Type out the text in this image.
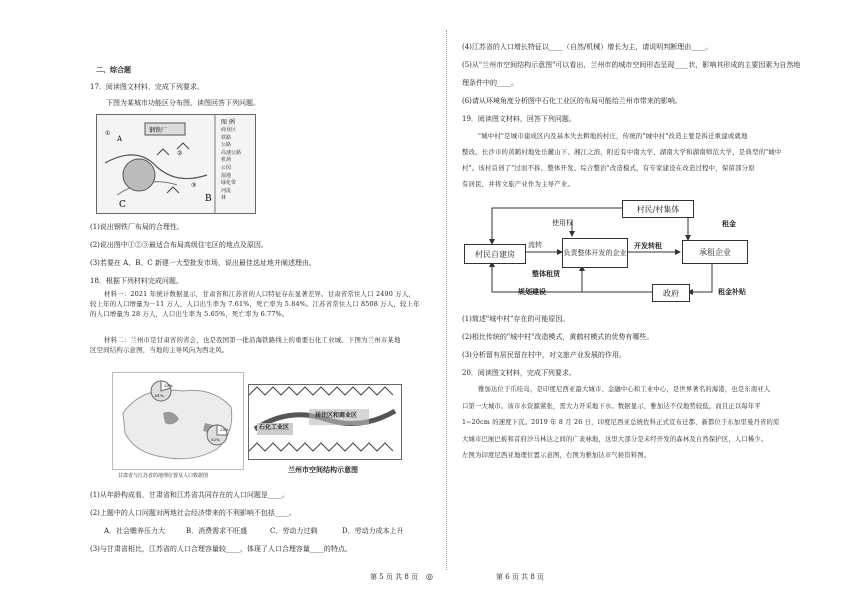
二、综合题
17．阅读图文材料，完成下列要求。
下图为某城市功能区分布图，读图回答下列问题。
钢铁厂
C
B
A
①
②
③
图 例
商业区
铁路
公路
高速公路
机场
公园
湿地
绿化带
河流
林
(1)说出钢铁厂布局的合理性。
(2)说出图中①②③最适合布局高级住宅区的地点及原因。
(3)若要在 A、B、C 新建一大型批发市场，说出最佳选址地并阐述理由。
18．根据下列材料完成问题。
材料一：2021 年统计数据显示，甘肃省和江苏省的人口特征存在显著差异。甘肃省常住人口 2490 万人，
较上年的人口增量为－11 万人，人口出生率为 7.61%，死亡率为 5.84%。江苏省常住人口 8508 万人，较上年
的人口增量为 28 万人，人口出生率为 5.65%，死亡率为 6.77%。
材料二：兰州市是甘肃省的省会，也是我国第一批沿海铁路线上的重要石化工业城。下图为兰州市某地
区空间结构示意图，当地的主导风向为西北风。
20%
61%
25%
52%
甘肃省与江苏省的地理位置及人口数据图
石化工业区
居住区和商业区
兰州市空间结构示意图
(1)从年龄构成看，甘肃省和江苏省共同存在的人口问题是____。
(2)上题中的人口问题对两地社会经济带来的不利影响不包括____。
A．社会赡养压力大	B．消费需求不旺盛	C．劳动力过剩	D．劳动力成本上升
(3)与甘肃省相比，江苏省的人口合理容量较____，体现了人口合理容量____的特点。
第 5 页 共 8 页 ◎
(4)江苏省的人口增长特征以____（自然/机械）增长为主，请说明判断理由____。
(5)从"兰州市空间结构示意图"可以看出，兰州市的城市空间形态呈现____状，影响其形成的主要因素为自然地
理条件中的____。
(6)请从环境角度分析图中石化工业区的布局可能给兰州市带来的影响。
19．阅读图文材料，回答下列问题。
"城中村"是城市建成区内及基本失去耕地的村庄，传统的"城中村"改造主要是拆迁重建或就地
整改。长沙市的黄鹤村地处岳麓山下、湘江之滨，附近有中南大学、湖南大学和湖南师范大学，是典型的"城中
村"。该村首创了"过而不拆、整体开发、综合整治"改造模式，有专家建设在改造过程中，保留部分原
有居民，并将文旅产业作为主导产业。
村民/村集体
村民自建房	负责整体开发的企业	承租企业
政府
使用权
流转
整体租赁
开发转租
租金
规划建设	租金补贴
(1)简述"城中村"存在的可能原因。
(2)相比传统的"城中村"改造模式，黄鹤村模式的优势有哪些。
(3)分析留有居民留在村中，对文旅产业发展的作用。
20．阅读图文材料，完成下列要求。
雅加达位于爪哇岛，是印度尼西亚最大城市、金融中心和工业中心，是世界著名的海港，也是东南亚人
口第一大城市。该市水资源紧张，需大力开采地下水。数据显示，雅加达不仅地势较低，而且正以每年平
1~20cm 的速度下沉。2019 年 8 月 26 日，印度尼西亚总统佐科正式宣布迁都，新都位于东加里曼丹省的原
大城市巴厘巴板和首府沙马林达之间的广袤林地，这里大部分是未经开发的森林及自然保护区，人口稀少。
左图为印度尼西亚地理位置示意图，右图为雅加达市气候资料图。
第 6 页 共 8 页
